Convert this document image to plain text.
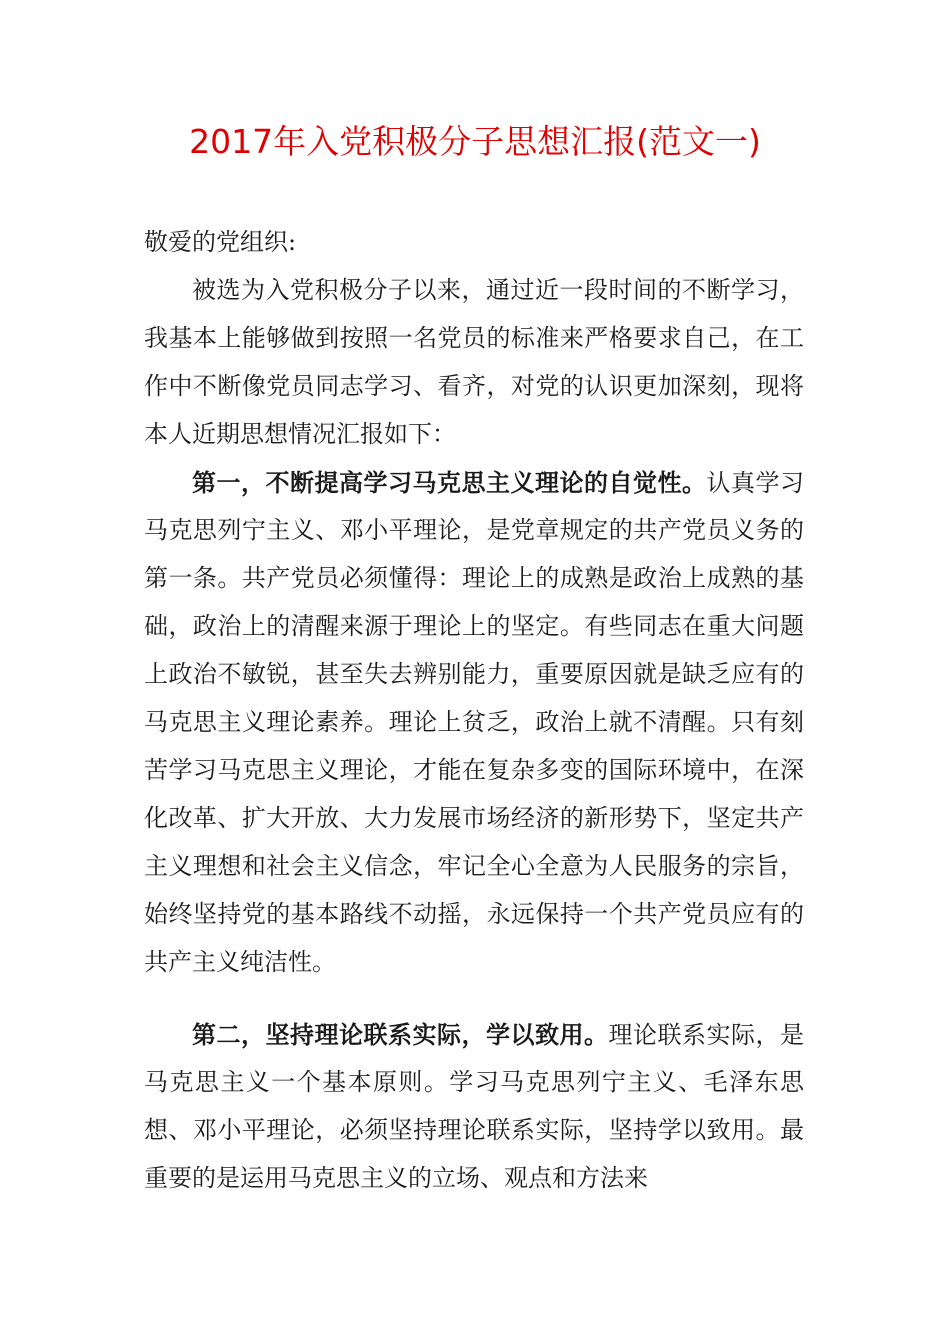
2017年入党积极分子思想汇报(范文一)

敬爱的党组织:

被选为入党积极分子以来，通过近一段时间的不断学习，我基本上能够做到按照一名党员的标准来严格要求自己，在工作中不断像党员同志学习、看齐，对党的认识更加深刻，现将本人近期思想情况汇报如下：

第一，不断提高学习马克思主义理论的自觉性。认真学习马克思列宁主义、邓小平理论，是党章规定的共产党员义务的第一条。共产党员必须懂得：理论上的成熟是政治上成熟的基础，政治上的清醒来源于理论上的坚定。有些同志在重大问题上政治不敏锐，甚至失去辨别能力，重要原因就是缺乏应有的马克思主义理论素养。理论上贫乏，政治上就不清醒。只有刻苦学习马克思主义理论，才能在复杂多变的国际环境中，在深化改革、扩大开放、大力发展市场经济的新形势下，坚定共产主义理想和社会主义信念，牢记全心全意为人民服务的宗旨，始终坚持党的基本路线不动摇，永远保持一个共产党员应有的共产主义纯洁性。

第二，坚持理论联系实际，学以致用。理论联系实际，是马克思主义一个基本原则。学习马克思列宁主义、毛泽东思想、邓小平理论，必须坚持理论联系实际，坚持学以致用。最重要的是运用马克思主义的立场、观点和方法来
